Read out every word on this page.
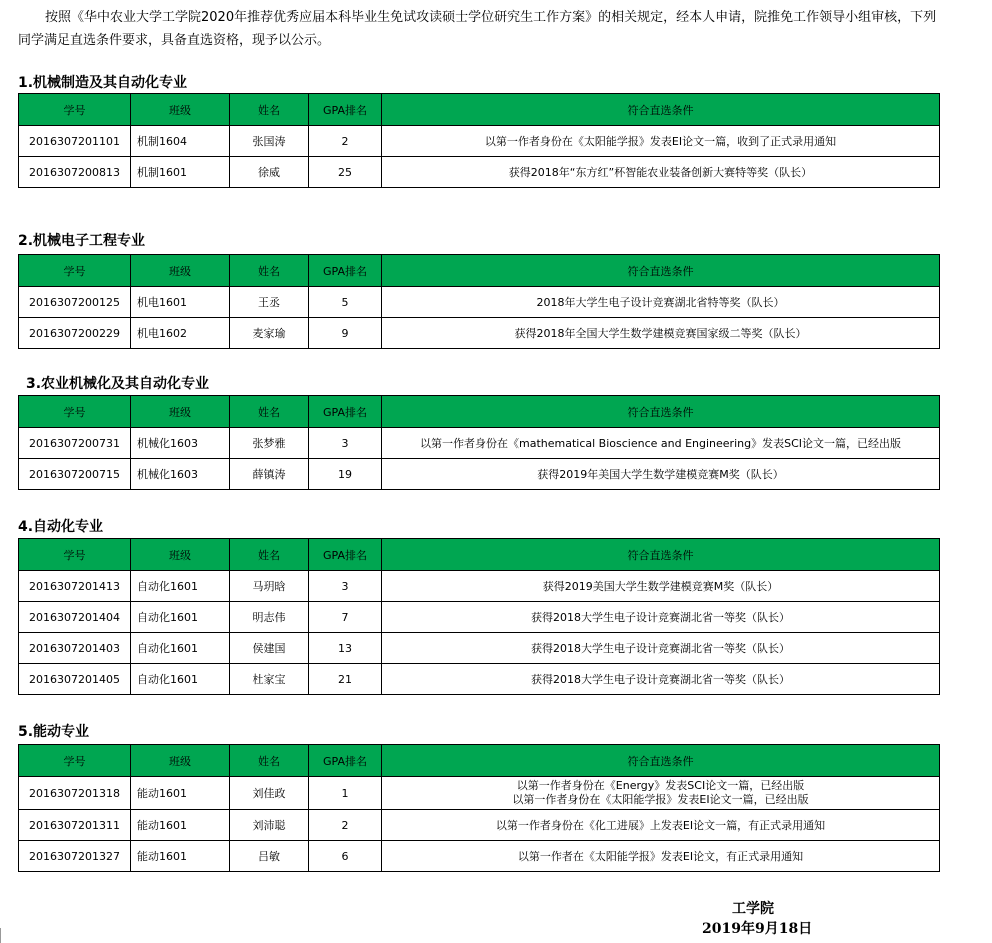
按照《华中农业大学工学院2020年推荐优秀应届本科毕业生免试攻读硕士学位研究生工作方案》的相关规定，经本人申请，院推免工作领导小组审核，下列同学满足直选条件要求，具备直选资格，现予以公示。
1.机械制造及其自动化专业
学号	班级	姓名	GPA排名	符合直选条件
2016307201101	机制1604	张国涛	2	以第一作者身份在《太阳能学报》发表EI论文一篇，收到了正式录用通知

2016307200813	机制1601	徐威	25	获得2018年“东方红”杯智能农业装备创新大赛特等奖（队长）
2.机械电子工程专业
学号	班级	姓名	GPA排名	符合直选条件
2016307200125	机电1601	王丞	5	2018年大学生电子设计竞赛湖北省特等奖（队长）

2016307200229	机电1602	麦家瑜	9	获得2018年全国大学生数学建模竞赛国家级二等奖（队长）
3.农业机械化及其自动化专业
学号	班级	姓名	GPA排名	符合直选条件
2016307200731	机械化1603	张梦雅	3	以第一作者身份在《mathematical Bioscience and Engineering》发表SCI论文一篇，已经出版

2016307200715	机械化1603	薛镇涛	19	获得2019年美国大学生数学建模竞赛M奖（队长）
4.自动化专业
学号	班级	姓名	GPA排名	符合直选条件
2016307201413	自动化1601	马玥晗	3	获得2019美国大学生数学建模竞赛M奖（队长）

2016307201404	自动化1601	明志伟	7	获得2018大学生电子设计竞赛湖北省一等奖（队长）

2016307201403	自动化1601	侯建国	13	获得2018大学生电子设计竞赛湖北省一等奖（队长）

2016307201405	自动化1601	杜家宝	21	获得2018大学生电子设计竞赛湖北省一等奖（队长）
5.能动专业
学号	班级	姓名	GPA排名	符合直选条件
2016307201318	能动1601	刘佳政	1	以第一作者身份在《Energy》发表SCI论文一篇，已经出版
以第一作者身份在《太阳能学报》发表EI论文一篇，已经出版

2016307201311	能动1601	刘沛聪	2	以第一作者身份在《化工进展》上发表EI论文一篇，有正式录用通知

2016307201327	能动1601	吕敏	6	以第一作者在《太阳能学报》发表EI论文，有正式录用通知
工学院
2019年9月18日
